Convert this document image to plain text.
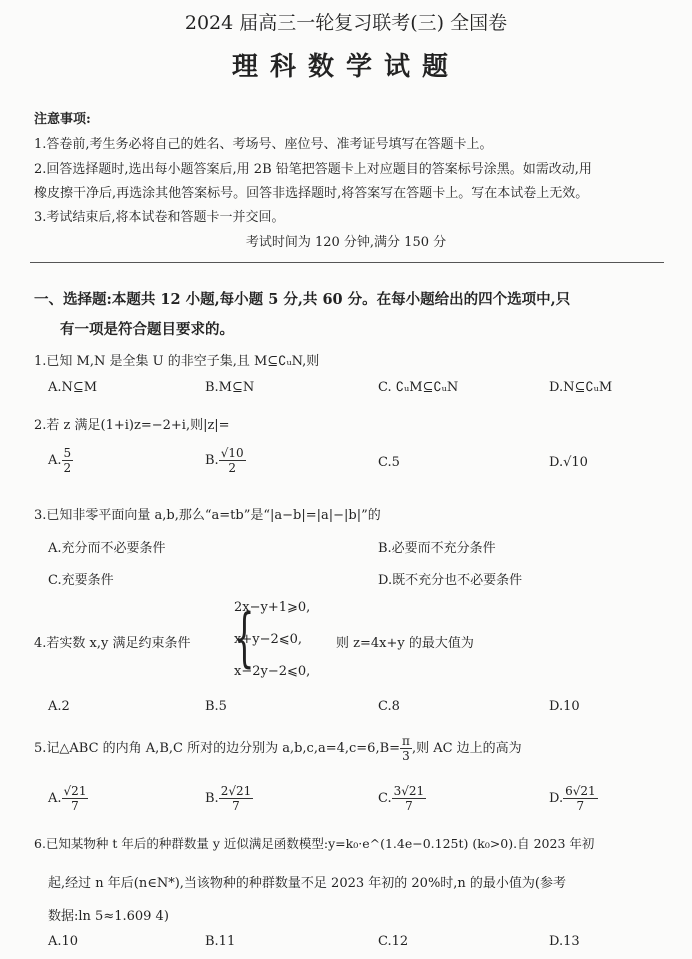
2024 届高三一轮复习联考(三) 全国卷
理科数学试题
注意事项:
1.答卷前,考生务必将自己的姓名、考场号、座位号、准考证号填写在答题卡上。
2.回答选择题时,选出每小题答案后,用 2B 铅笔把答题卡上对应题目的答案标号涂黑。如需改动,用
橡皮擦干净后,再选涂其他答案标号。回答非选择题时,将答案写在答题卡上。写在本试卷上无效。
3.考试结束后,将本试卷和答题卡一并交回。
考试时间为 120 分钟,满分 150 分
一、选择题:本题共 12 小题,每小题 5 分,共 60 分。在每小题给出的四个选项中,只
有一项是符合题目要求的。
1.已知 M,N 是全集 U 的非空子集,且 M⊆∁ᵤN,则
A.N⊆M	B.M⊆N	C. ∁ᵤM⊆∁ᵤN	D.N⊆∁ᵤM
2.若 z 满足(1+i)z=−2+i,则|z|=
A. $\frac{5}{2}$	B. $\frac{√10}{2}$	C.5	D.√10
3.已知非零平面向量 a,b,那么“a=tb”是“|a−b|=|a|−|b|”的
A.充分而不必要条件	B.必要而不充分条件
C.充要条件	D.既不充分也不必要条件
4.若实数 x,y 满足约束条件 {
2x−y+1⩾0,
x+y−2⩽0,
x−2y−2⩽0,
则 z=4x+y 的最大值为
A.2	B.5	C.8	D.10
5.记△ABC 的内角 A,B,C 所对的边分别为 $a,b,c,a=4,c=6,B= \frac{\pi}{3}$ ,则 AC 边上的高为
A. $\frac{√21}{7}$	B. $\frac{2√21}{7}$	C. $\frac{3√21}{7}$	D. $\frac{6√21}{7}$
6.已知某物种 t 年后的种群数量 y 近似满足函数模型:y=k₀·e^(1.4e−0.125t) (k₀>0).自 2023 年初
起,经过 n 年后(n∈N*),当该物种的种群数量不足 2023 年初的 20%时,n 的最小值为(参考
数据:ln 5≈1.609 4)
A.10	B.11	C.12	D.13
